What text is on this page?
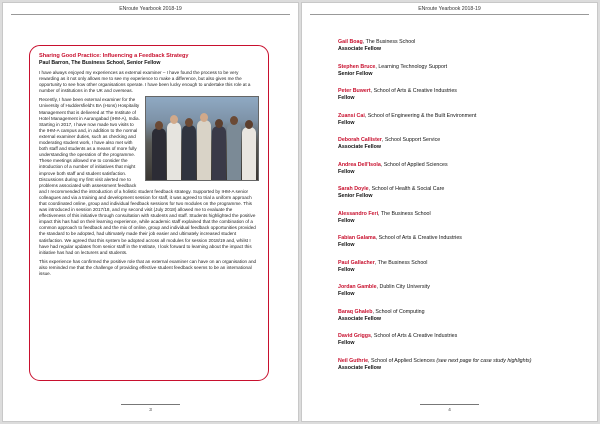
ENroute Yearbook 2018-19
Sharing Good Practice: Influencing a Feedback Strategy
Paul Barron, The Business School, Senior Fellow

I have always enjoyed my experiences as external examiner – I have found the process to be very rewarding as it not only allows me to see my experience to make a difference, but also gives me the opportunity to see how other organisations operate. I have been lucky enough to undertake this role at a number of institutions in the UK and overseas.

Recently, I have been external examiner for the University of Huddersfield's BA (Hons) Hospitality Management that is delivered at The Institute of Hotel Management in Aurangabad (IHM-A), India. Starting in 2017, I have now made two visits to the IHM-A campus and, in addition to the normal external examiner duties, such as checking and moderating student work, I have also met with both staff and students as a means of more fully understanding the operation of the programme. These meetings allowed me to consider the introduction of a number of initiatives that might improve both staff and student satisfaction. Discussions during my first visit alerted me to problems associated with assessment feedback and I recommended the introduction of a holistic student feedback strategy. Supported by IHM-A senior colleagues and via a training and development session for staff, it was agreed to trial a uniform approach that coordinated online, group and individual feedback sessions for two modules on the programme. This was introduced in session 2017/18, and my second visit (July 2018) allowed me to evaluate the effectiveness of this initiative through consultation with students and staff. Students highlighted the positive impact this has had on their learning experience, while academic staff explained that the combination of a common approach to feedback and the mix of online, group and individual feedback opportunities provided the standard to be adopted, had ultimately made their job easier and ultimately increased student satisfaction. We agreed that this system be adopted across all modules for session 2018/19 and, whilst I have had regular updates from senior staff in the Institute, I look forward to learning about the impact this initiative has had on lecturers and students.

This experience has confirmed the positive role that an external examiner can have on an organisation and also reminded me that the challenge of providing effective student feedback seems to be an international issue.

3
ENroute Yearbook 2018-19
Gail Boag, The Business School
Associate Fellow
Stephen Bruce, Learning Technology Support
Senior Fellow
Peter Buwert, School of Arts & Creative Industries
Fellow
Zuansi Cai, School of Engineering & the Built Environment
Fellow
Deborah Callister, School Support Service
Associate Fellow
Andrea Dell'Isola, School of Applied Sciences
Fellow
Sarah Doyle, School of Health & Social Care
Senior Fellow
Alessandro Feri, The Business School
Fellow
Fabian Galama, School of Arts & Creative Industries
Fellow
Paul Gallacher, The Business School
Fellow
Jordan Gamble, Dublin City University
Fellow
Baraq Ghaleb, School of Computing
Associate Fellow
David Griggs, School of Arts & Creative Industries
Fellow
Neil Guthrie, School of Applied Sciences (see next page for case study highlights)
Associate Fellow
4
